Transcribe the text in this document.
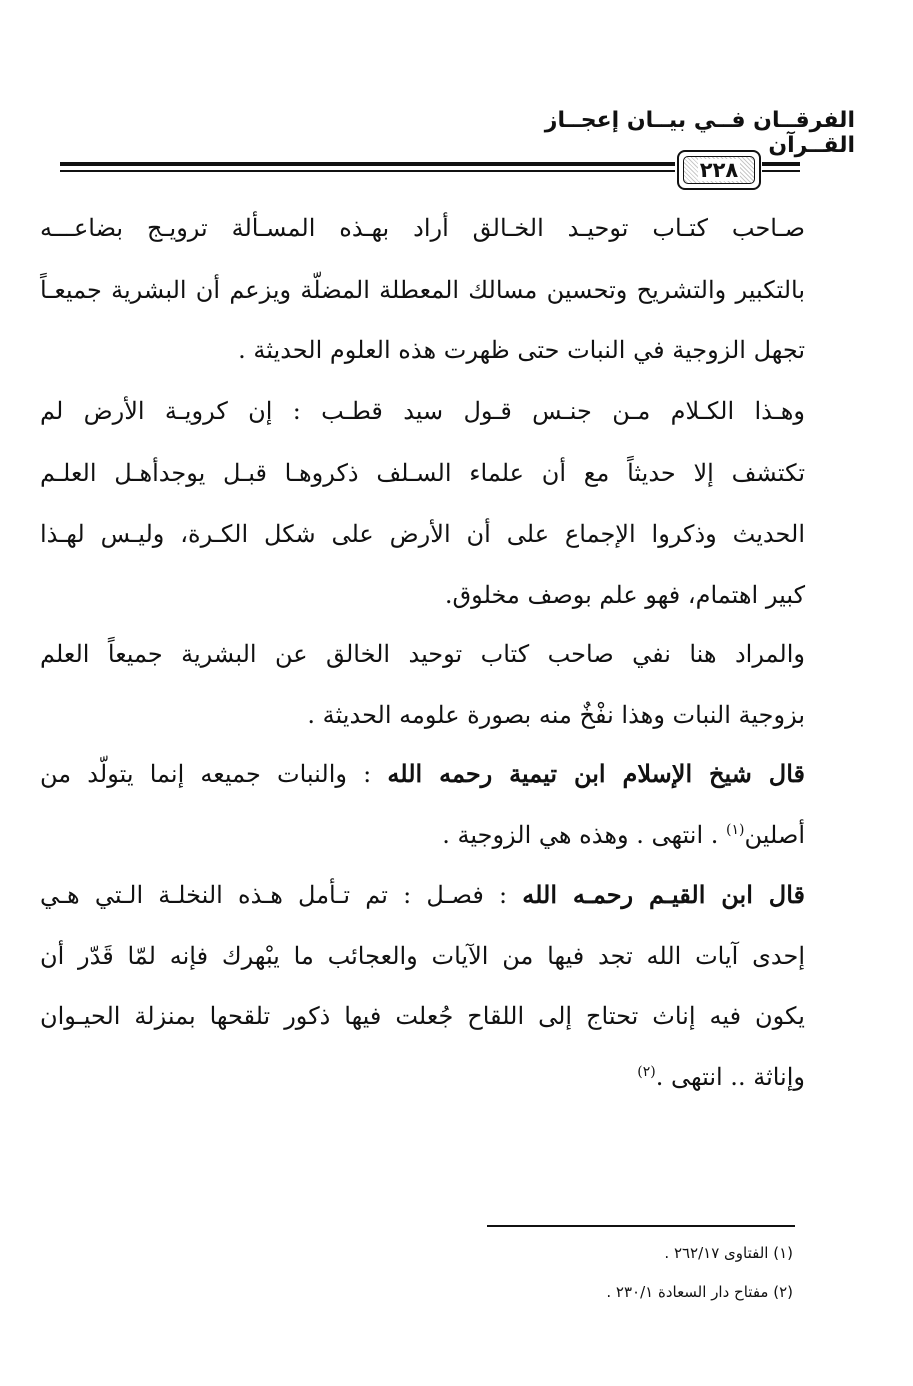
الفرقــان فــي بيــان إعجــاز القــرآن
٢٢٨
صـاحب كتـاب توحيـد الخـالق أراد بهـذه المسـألة ترويـج بضاعـــه
بالتكبير والتشريح وتحسين مسالك المعطلة المضلّة ويزعم أن البشرية جميعـاً
تجهل الزوجية في النبات حتى ظهرت هذه العلوم الحديثة .
وهـذا الكـلام مـن جنـس قـول سيد قطـب : إن كرويـة الأرض لم
تكتشف إلا حديثاً مع أن علماء السـلف ذكروهـا قبـل يوجدأهـل العلـم
الحديث وذكروا الإجماع على أن الأرض على شكل الكـرة، وليـس لهـذا
كبير اهتمام، فهو علم بوصف مخلوق.
والمراد هنا نفي صاحب كتاب توحيد الخالق عن البشرية جميعاً العلم
بزوجية النبات وهذا نفْخٌ منه بصورة علومه الحديثة .
قال شيخ الإسلام ابن تيمية رحمه الله : والنبات جميعه إنما يتولّد من
أصلين$^{(١)}$ . انتهى . وهذه هي الزوجية .
قال ابن القيـم رحمـه الله : فصـل : تم تـأمل هـذه النخلـة الـتي هـي
إحدى آيات الله تجد فيها من الآيات والعجائب ما يبْهرك فإنه لمّا قَدّر أن
يكون فيه إناث تحتاج إلى اللقاح جُعلت فيها ذكور تلقحها بمنزلة الحيـوان
وإناثة .. انتهى .$^{(٢)}$
(١) الفتاوى ٢٦٢/١٧ .
(٢) مفتاح دار السعادة ٢٣٠/١ .
